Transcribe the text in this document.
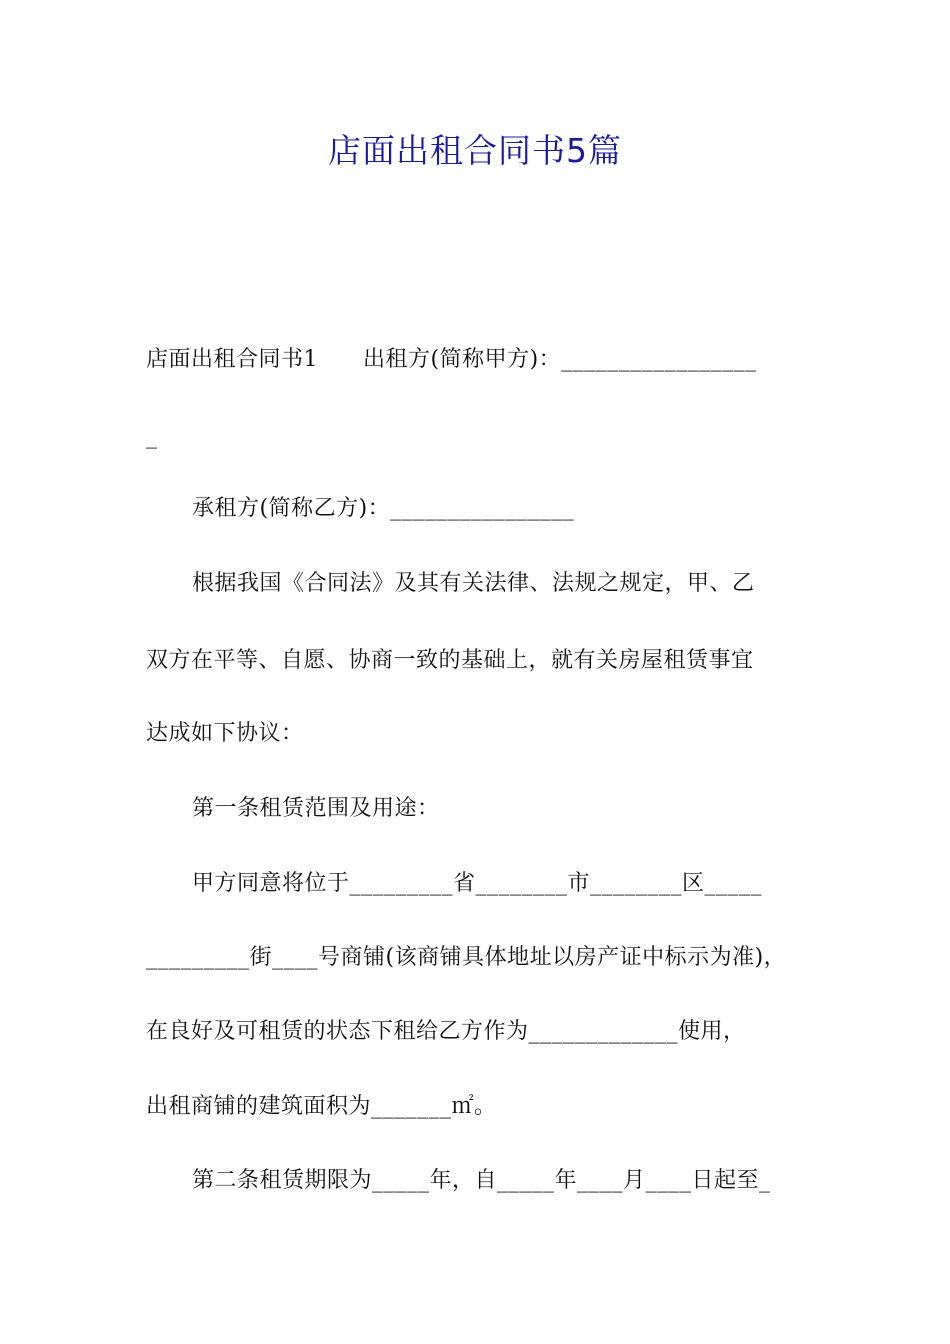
店面出租合同书5篇
店面出租合同书1　　出租方(简称甲方)：_________________
_
承租方(简称乙方)：________________
根据我国《合同法》及其有关法律、法规之规定，甲、乙
双方在平等、自愿、协商一致的基础上，就有关房屋租赁事宜
达成如下协议：
第一条租赁范围及用途：
甲方同意将位于_________省________市________区_____
_________街____号商铺(该商铺具体地址以房产证中标示为准)，
在良好及可租赁的状态下租给乙方作为_____________使用，
出租商铺的建筑面积为_______㎡。
第二条租赁期限为_____年，自_____年____月____日起至_
